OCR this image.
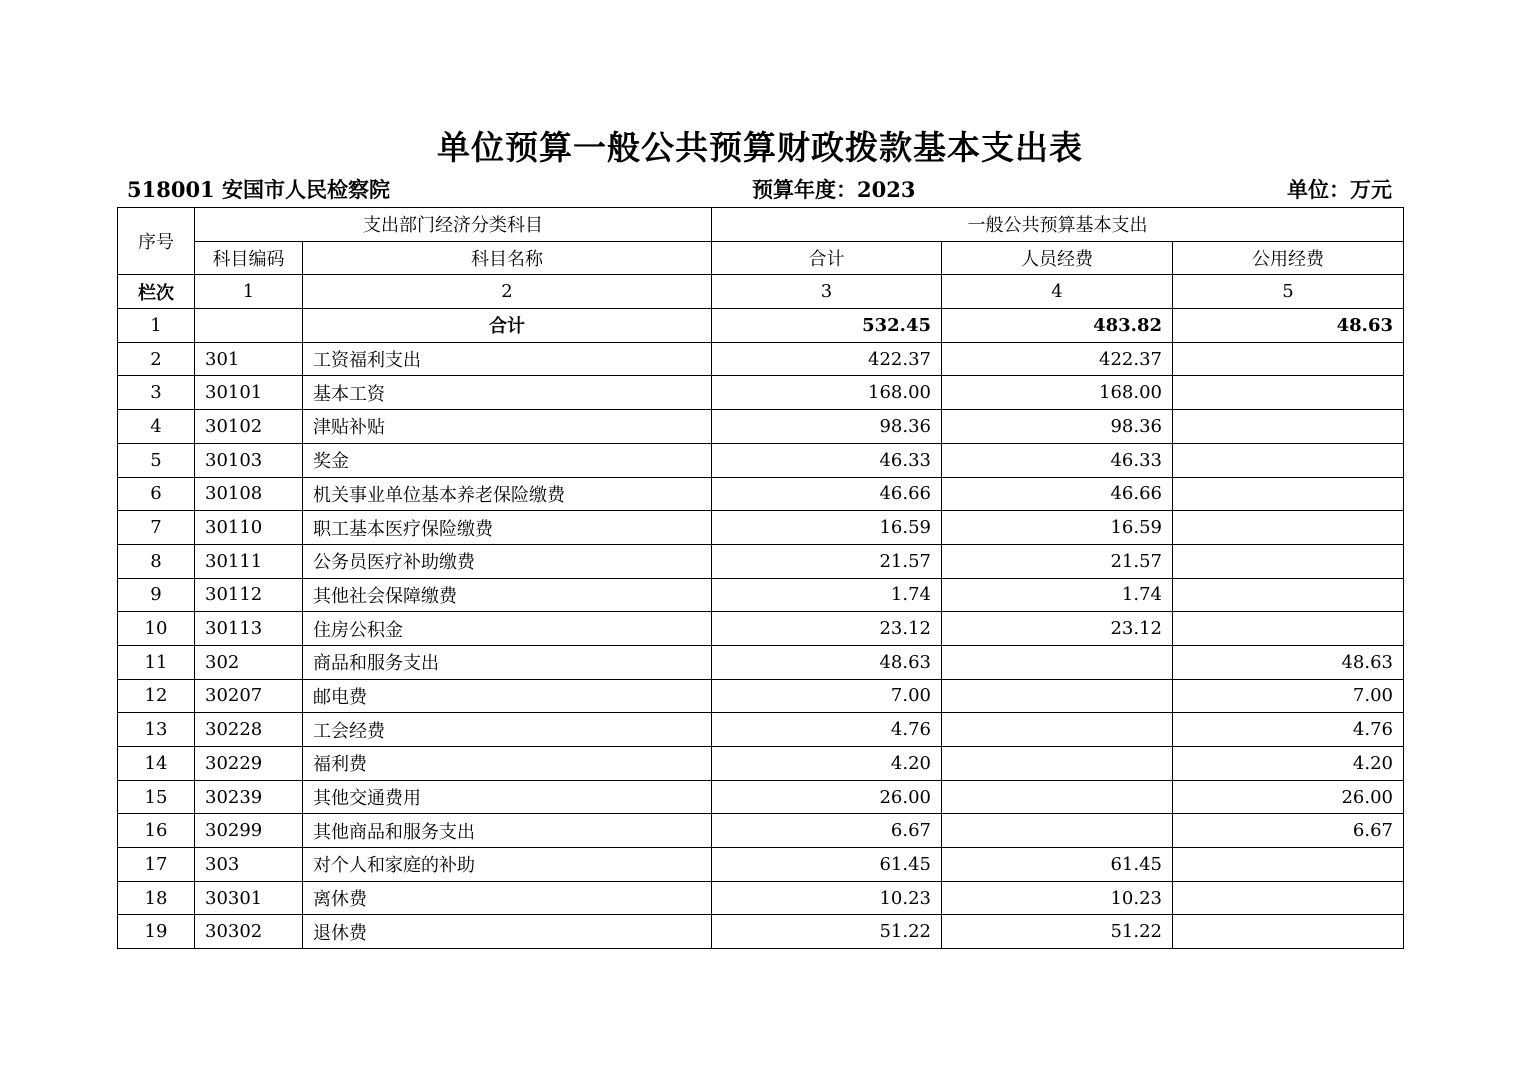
单位预算一般公共预算财政拨款基本支出表
518001 安国市人民检察院	预算年度：2023	单位：万元
序号	支出部门经济分类科目		一般公共预算基本支出		
	科目编码	科目名称	合计	人员经费	公用经费
栏次	1	2	3	4	5
1		合计	532.45	483.82	48.63
2	301	工资福利支出	422.37	422.37	
3	30101	基本工资	168.00	168.00	
4	30102	津贴补贴	98.36	98.36	
5	30103	奖金	46.33	46.33	
6	30108	机关事业单位基本养老保险缴费	46.66	46.66	
7	30110	职工基本医疗保险缴费	16.59	16.59	
8	30111	公务员医疗补助缴费	21.57	21.57	
9	30112	其他社会保障缴费	1.74	1.74	
10	30113	住房公积金	23.12	23.12	
11	302	商品和服务支出	48.63		48.63
12	30207	邮电费	7.00		7.00
13	30228	工会经费	4.76		4.76
14	30229	福利费	4.20		4.20
15	30239	其他交通费用	26.00		26.00
16	30299	其他商品和服务支出	6.67		6.67
17	303	对个人和家庭的补助	61.45	61.45	
18	30301	离休费	10.23	10.23	
19	30302	退休费	51.22	51.22	
